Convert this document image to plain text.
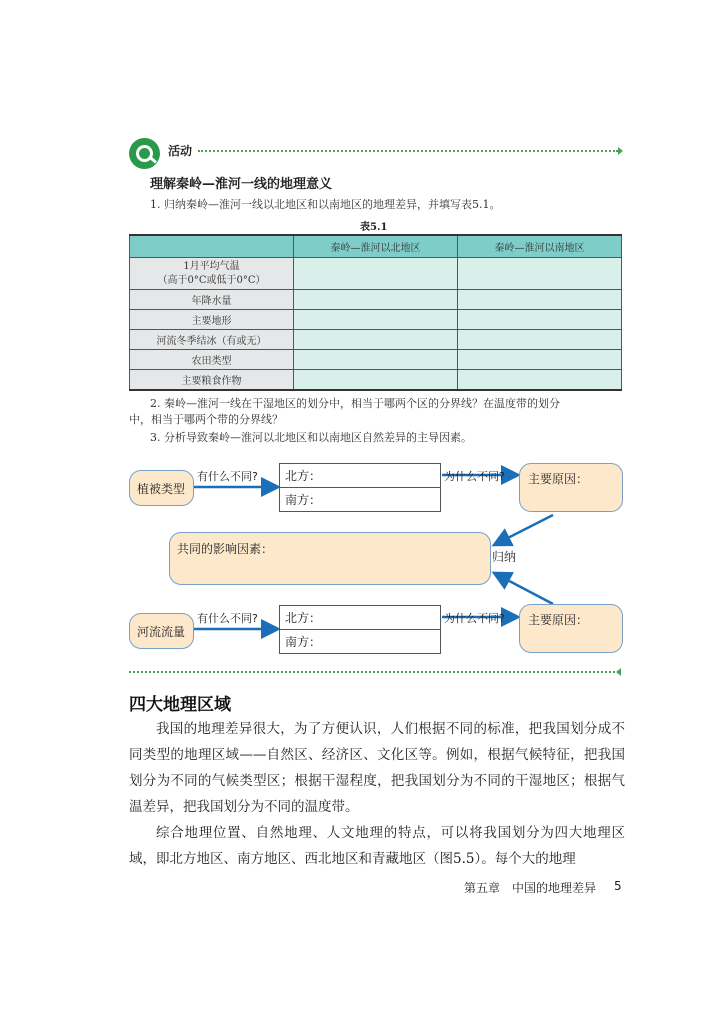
活动
理解秦岭—淮河一线的地理意义
1. 归纳秦岭—淮河一线以北地区和以南地区的地理差异，并填写表5.1。
表5.1
	秦岭—淮河以北地区	秦岭—淮河以南地区

1月平均气温
（高于0°C或低于0°C）		

年降水量		
主要地形		
河流冬季结冰（有或无）		
农田类型		
主要粮食作物		
2. 秦岭—淮河一线在干湿地区的划分中，相当于哪两个区的分界线？在温度带的划分
中，相当于哪两个带的分界线？
3. 分析导致秦岭—淮河以北地区和以南地区自然差异的主导因素。
植被类型
有什么不同? 北方：
南方：
为什么不同? 主要原因：
共同的影响因素：
归纳
河流流量
有什么不同? 北方：
南方：
为什么不同? 主要原因：
四大地理区域
我国的地理差异很大，为了方便认识，人们根据不同的标准，把我国划分成不同类型的地理区域——自然区、经济区、文化区等。例如，根据气候特征，把我国划分为不同的气候类型区；根据干湿程度，把我国划分为不同的干湿地区；根据气温差异，把我国划分为不同的温度带。
综合地理位置、自然地理、人文地理的特点，可以将我国划分为四大地理区域，即北方地区、南方地区、西北地区和青藏地区（图5.5）。每个大的地理
第五章　中国的地理差异 5
